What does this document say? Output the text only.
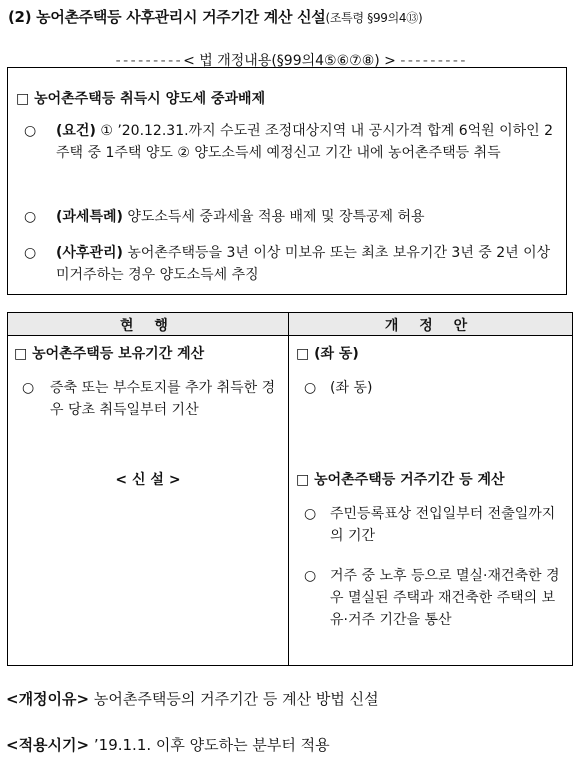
(2) 농어촌주택등 사후관리시 거주기간 계산 신설(조특령 §99의4⑬)
- - - - - - - - - < 법 개정내용(§99의4⑤⑥⑦⑧) > - - - - - - - - -
□ 농어촌주택등 취득시 양도세 중과배제
○ (요건) ① ’20.12.31.까지 수도권 조정대상지역 내 공시가격 합계 6억원 이하인 2주택 중 1주택 양도 ② 양도소득세 예정신고 기간 내에 농어촌주택등 취득
○ (과세특례) 양도소득세 중과세율 적용 배제 및 장특공제 허용
○ (사후관리) 농어촌주택등을 3년 이상 미보유 또는 최초 보유기간 3년 중 2년 이상 미거주하는 경우 양도소득세 추징
현 행	개 정 안
□ 농어촌주택등 보유기간 계산
○ 증축 또는 부수토지를 추가 취득한 경우 당초 취득일부터 기산
< 신 설 >
□ (좌 동)
○ (좌 동)
□ 농어촌주택등 거주기간 등 계산
○ 주민등록표상 전입일부터 전출일까지의 기간
○ 거주 중 노후 등으로 멸실·재건축한 경우 멸실된 주택과 재건축한 주택의 보유·거주 기간을 통산
<개정이유> 농어촌주택등의 거주기간 등 계산 방법 신설
<적용시기> ’19.1.1. 이후 양도하는 분부터 적용
